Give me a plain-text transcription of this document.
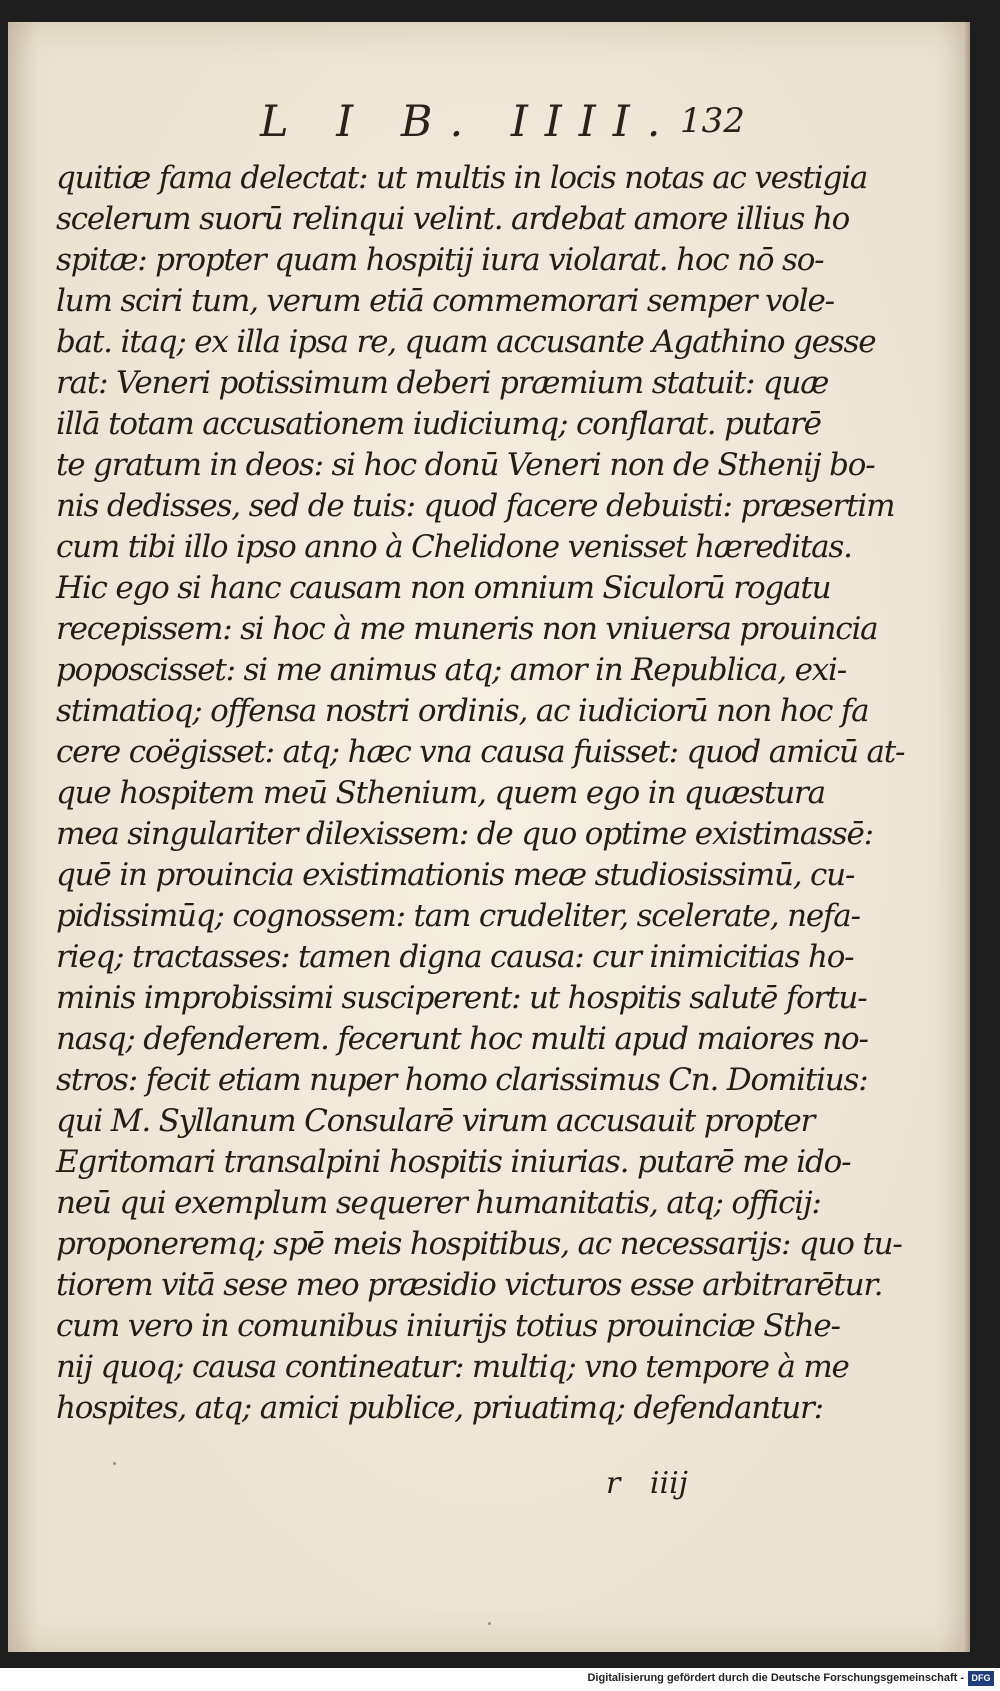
L I B. IIII. 132
quitiæ fama delectat: ut multis in locis notas ac vestigia
scelerum suorū relinqui velint. ardebat amore illius ho
spitæ: propter quam hospitij iura violarat. hoc nō so-
lum sciri tum, verum etiā commemorari semper vole-
bat. itaq; ex illa ipsa re, quam accusante Agathino gesse
rat: Veneri potissimum deberi præmium statuit: quæ
illā totam accusationem iudiciumq; conflarat. putarē
te gratum in deos: si hoc donū Veneri non de Sthenij bo-
nis dedisses, sed de tuis: quod facere debuisti: præsertim
cum tibi illo ipso anno à Chelidone venisset hæreditas.
Hic ego si hanc causam non omnium Siculorū rogatu
recepissem: si hoc à me muneris non vniuersa prouincia
poposcisset: si me animus atq; amor in Republica, exi-
stimatioq; offensa nostri ordinis, ac iudiciorū non hoc fa
cere coëgisset: atq; hæc vna causa fuisset: quod amicū at-
que hospitem meū Sthenium, quem ego in quæstura
mea singulariter dilexissem: de quo optime existimassē:
quē in prouincia existimationis meæ studiosissimū, cu-
pidissimūq; cognossem: tam crudeliter, scelerate, nefa-
rieq; tractasses: tamen digna causa: cur inimicitias ho-
minis improbissimi susciperent: ut hospitis salutē fortu-
nasq; defenderem. fecerunt hoc multi apud maiores no-
stros: fecit etiam nuper homo clarissimus Cn. Domitius:
qui M. Syllanum Consularē virum accusauit propter
Egritomari transalpini hospitis iniurias. putarē me ido-
neū qui exemplum sequerer humanitatis, atq; officij:
proponeremq; spē meis hospitibus, ac necessarijs: quo tu-
tiorem vitā sese meo præsidio victuros esse arbitrarētur.
cum vero in comunibus iniurijs totius prouinciæ Sthe-
nij quoq; causa contineatur: multiq; vno tempore à me
hospites, atq; amici publice, priuatimq; defendantur:
r iiij
Digitalisierung gefördert durch die Deutsche Forschungsgemeinschaft - DFG
